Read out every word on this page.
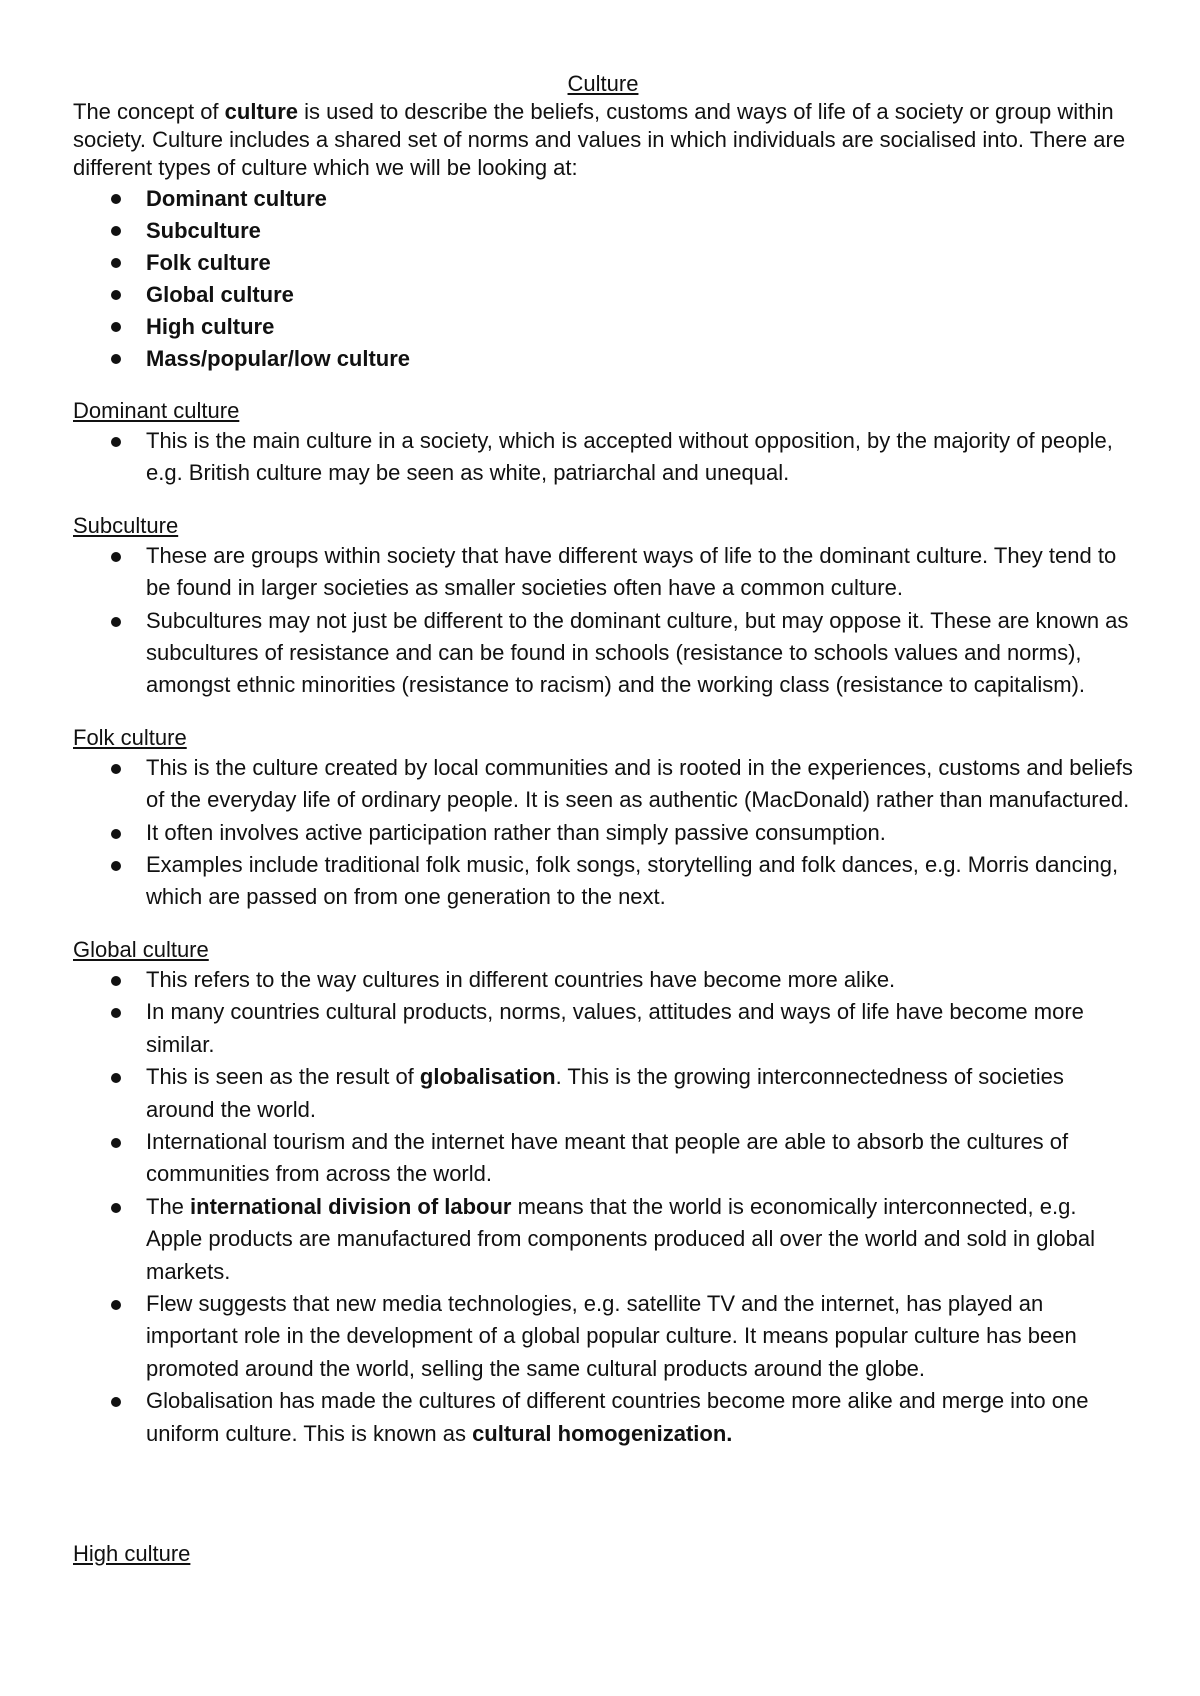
Culture

The concept of culture is used to describe the beliefs, customs and ways of life of a society or group within society. Culture includes a shared set of norms and values in which individuals are socialised into. There are different types of culture which we will be looking at:

Dominant culture
Subculture
Folk culture
Global culture
High culture
Mass/popular/low culture
Dominant culture
This is the main culture in a society, which is accepted without opposition, by the majority of people, e.g. British culture may be seen as white, patriarchal and unequal.
Subculture
These are groups within society that have different ways of life to the dominant culture. They tend to be found in larger societies as smaller societies often have a common culture.
Subcultures may not just be different to the dominant culture, but may oppose it. These are known as subcultures of resistance and can be found in schools (resistance to schools values and norms), amongst ethnic minorities (resistance to racism) and the working class (resistance to capitalism).
Folk culture
This is the culture created by local communities and is rooted in the experiences, customs and beliefs of the everyday life of ordinary people. It is seen as authentic (MacDonald) rather than manufactured.
It often involves active participation rather than simply passive consumption.
Examples include traditional folk music, folk songs, storytelling and folk dances, e.g. Morris dancing, which are passed on from one generation to the next.
Global culture
This refers to the way cultures in different countries have become more alike.
In many countries cultural products, norms, values, attitudes and ways of life have become more similar.
This is seen as the result of globalisation. This is the growing interconnectedness of societies around the world.
International tourism and the internet have meant that people are able to absorb the cultures of communities from across the world.
The international division of labour means that the world is economically interconnected, e.g. Apple products are manufactured from components produced all over the world and sold in global markets.
Flew suggests that new media technologies, e.g. satellite TV and the internet, has played an important role in the development of a global popular culture. It means popular culture has been promoted around the world, selling the same cultural products around the globe.
Globalisation has made the cultures of different countries become more alike and merge into one uniform culture. This is known as cultural homogenization.
High culture
